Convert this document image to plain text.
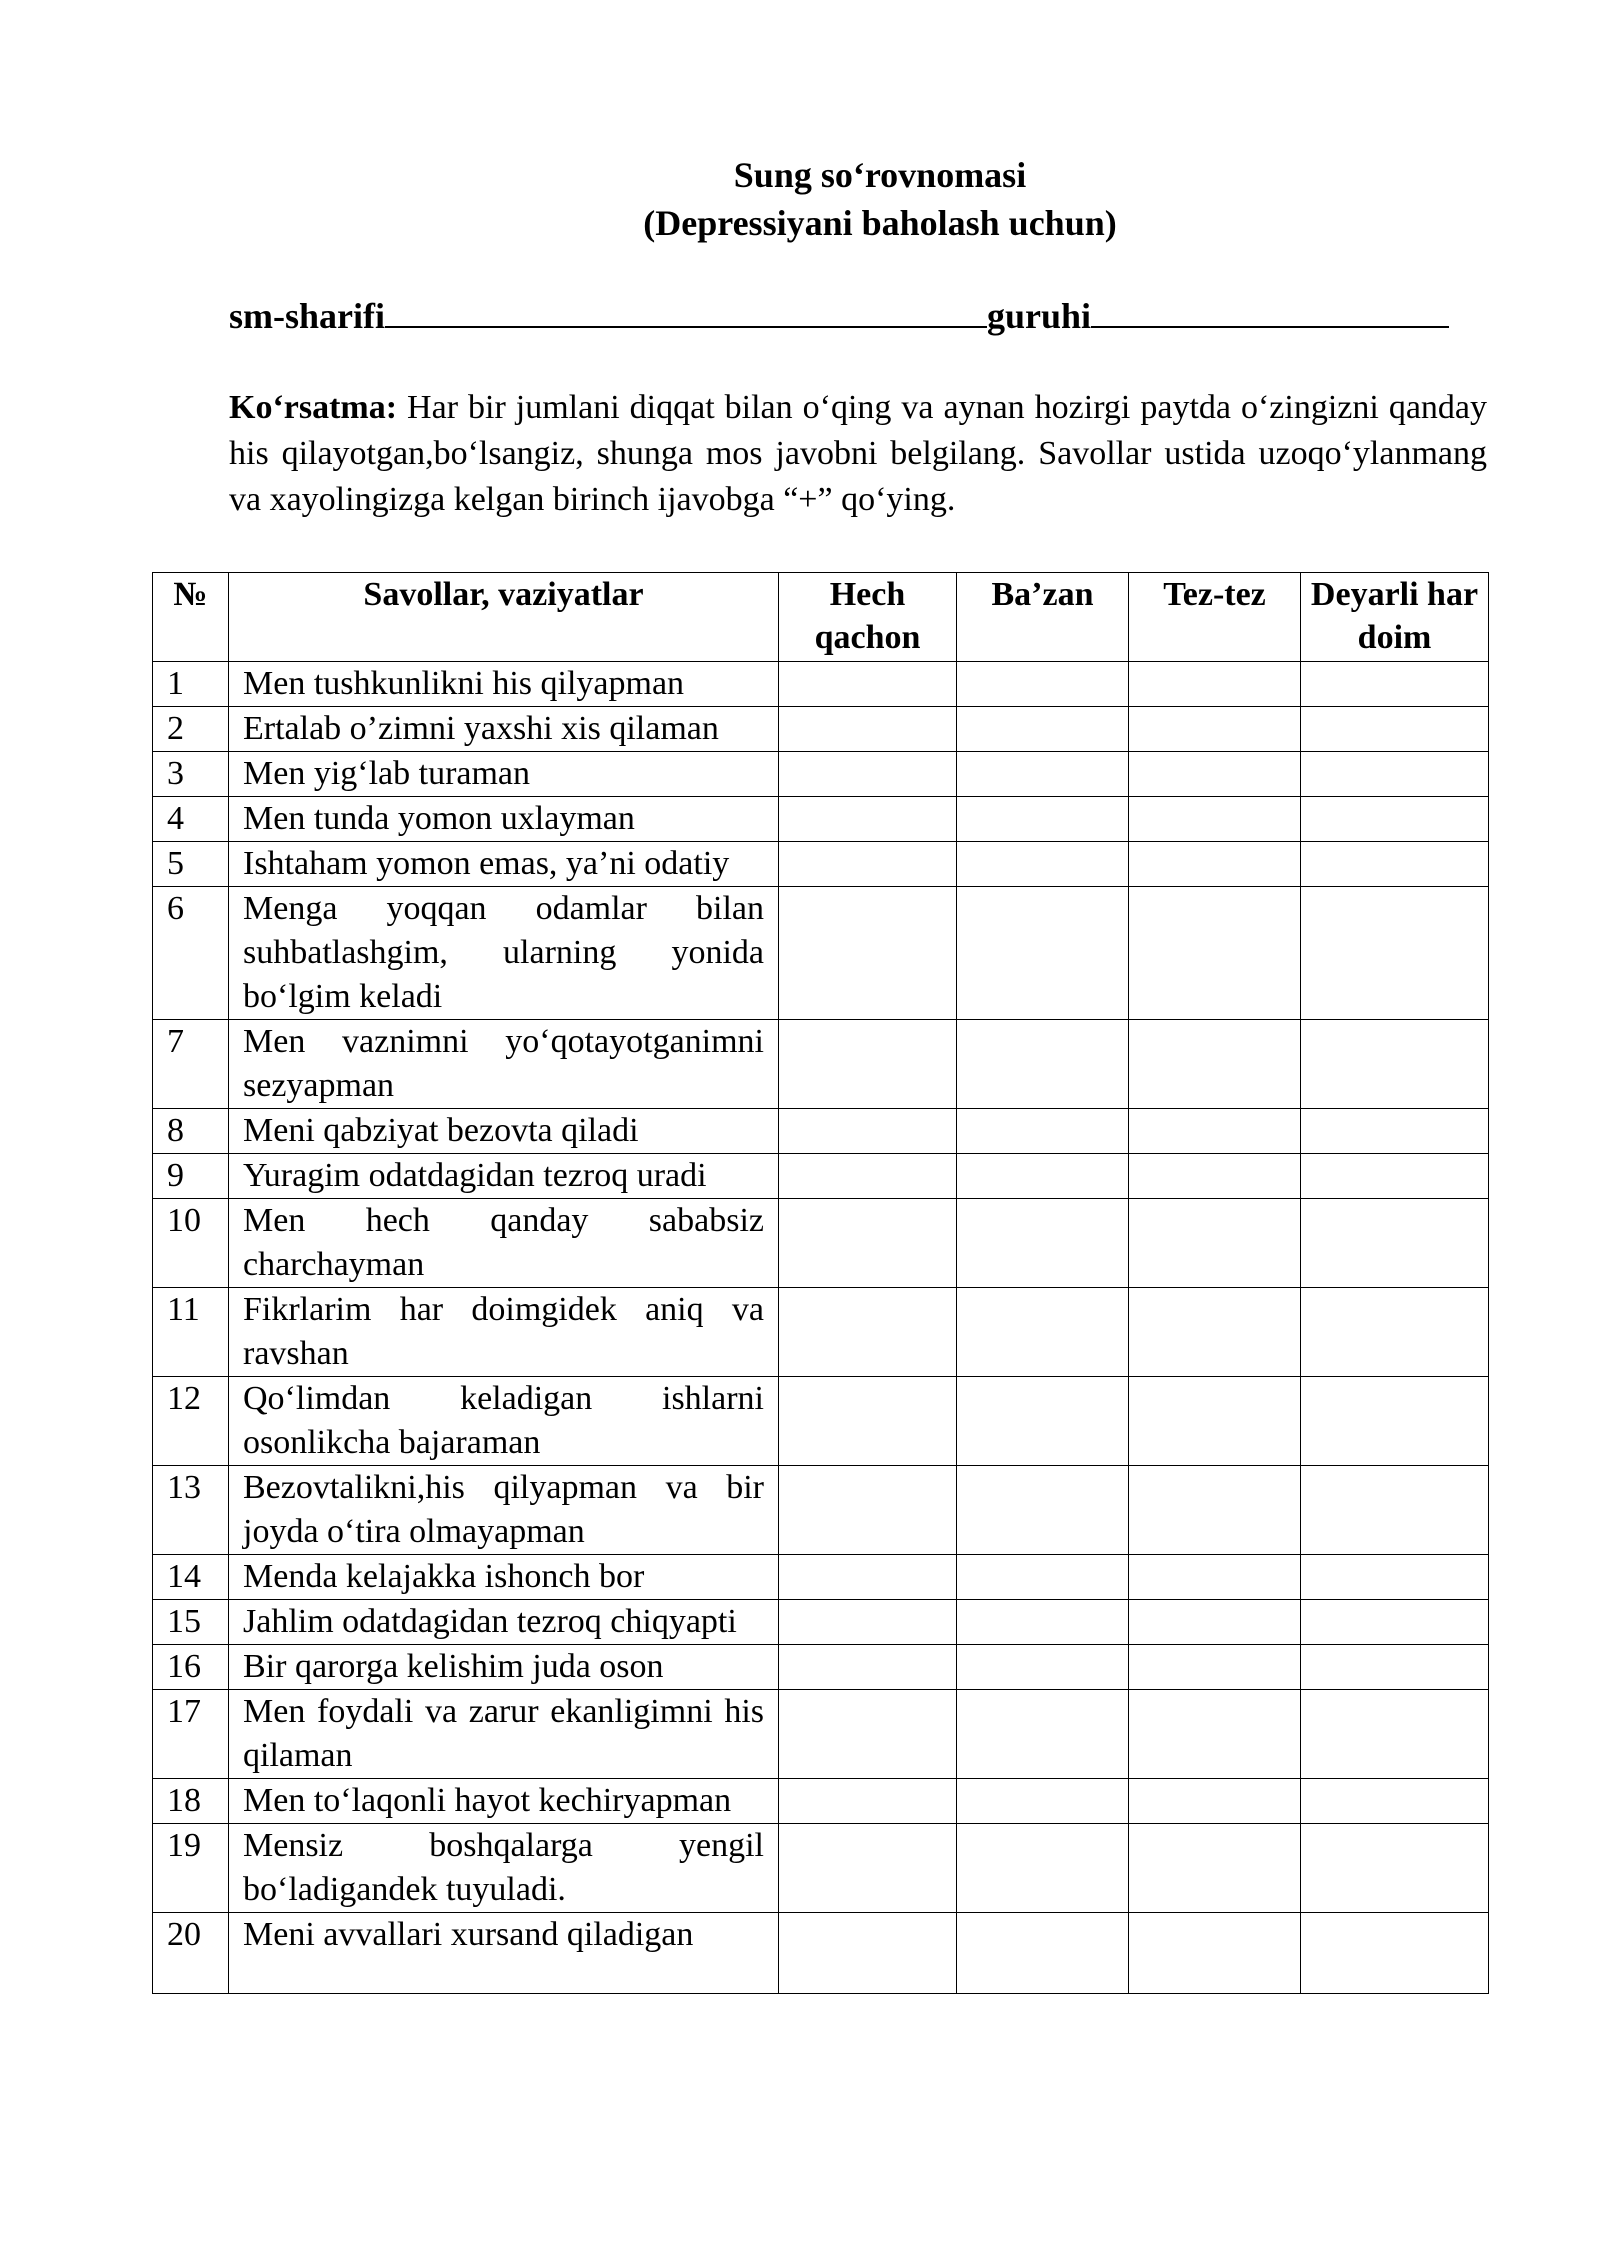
Sung so‘rovnomasi
(Depressiyani baholash uchun)
sm-sharifi	guruhi
Ko‘rsatma: Har bir jumlani diqqat bilan o‘qing va aynan hozirgi paytda o‘zingizni qanday his qilayotgan,bo‘lsangiz, shunga mos javobni belgilang. Savollar ustida uzoqo‘ylanmang va xayolingizga kelgan birinch ijavobga “+” qo‘ying.
№	Savollar, vaziyatlar	Hech qachon	Ba’zan	Tez-tez	Deyarli har doim
1	Men tushkunlikni his qilyapman				
2	Ertalab o’zimni yaxshi xis qilaman				
3	Men yig‘lab turaman				
4	Men tunda yomon uxlayman				
5	Ishtaham yomon emas, ya’ni odatiy				
6	Menga yoqqan odamlar bilan suhbatlashgim, ularning yonida bo‘lgim keladi				
7	Men vaznimni yo‘qotayotganimni sezyapman				
8	Meni qabziyat bezovta qiladi				
9	Yuragim odatdagidan tezroq uradi				
10	Men hech qanday sababsiz charchayman				
11	Fikrlarim har doimgidek aniq va ravshan				
12	Qo‘limdan keladigan ishlarni osonlikcha bajaraman				
13	Bezovtalikni,his qilyapman va bir joyda o‘tira olmayapman				
14	Menda kelajakka ishonch bor				
15	Jahlim odatdagidan tezroq chiqyapti				
16	Bir qarorga kelishim juda oson				
17	Men foydali va zarur ekanligimni his qilaman				
18	Men to‘laqonli hayot kechiryapman				
19	Mensiz boshqalarga yengil bo‘ladigandek tuyuladi.				
20	Meni avvallari xursand qiladigan				
